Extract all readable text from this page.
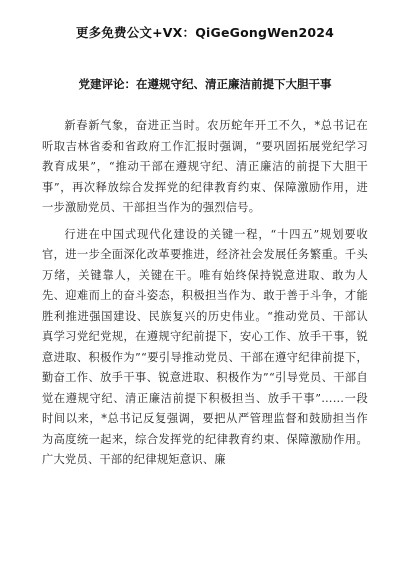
更多免费公文+VX：QiGeGongWen2024

党建评论：在遵规守纪、清正廉洁前提下大胆干事

新春新气象，奋进正当时。农历蛇年开工不久，*总书记在听取吉林省委和省政府工作汇报时强调，“要巩固拓展党纪学习教育成果”，“推动干部在遵规守纪、清正廉洁的前提下大胆干事”，再次释放综合发挥党的纪律教育约束、保障激励作用，进一步激励党员、干部担当作为的强烈信号。

行进在中国式现代化建设的关键一程，“十四五”规划要收官，进一步全面深化改革要推进，经济社会发展任务繁重。千头万绪，关键靠人，关键在干。唯有始终保持锐意进取、敢为人先、迎难而上的奋斗姿态，积极担当作为、敢于善于斗争，才能胜利推进强国建设、民族复兴的历史伟业。“推动党员、干部认真学习党纪党规，在遵规守纪前提下，安心工作、放手干事，锐意进取、积极作为”“要引导推动党员、干部在遵守纪律前提下，勤奋工作、放手干事、锐意进取、积极作为”“引导党员、干部自觉在遵规守纪、清正廉洁前提下积极担当、放手干事”……一段时间以来，*总书记反复强调，要把从严管理监督和鼓励担当作为高度统一起来，综合发挥党的纪律教育约束、保障激励作用。广大党员、干部的纪律规矩意识、廉
